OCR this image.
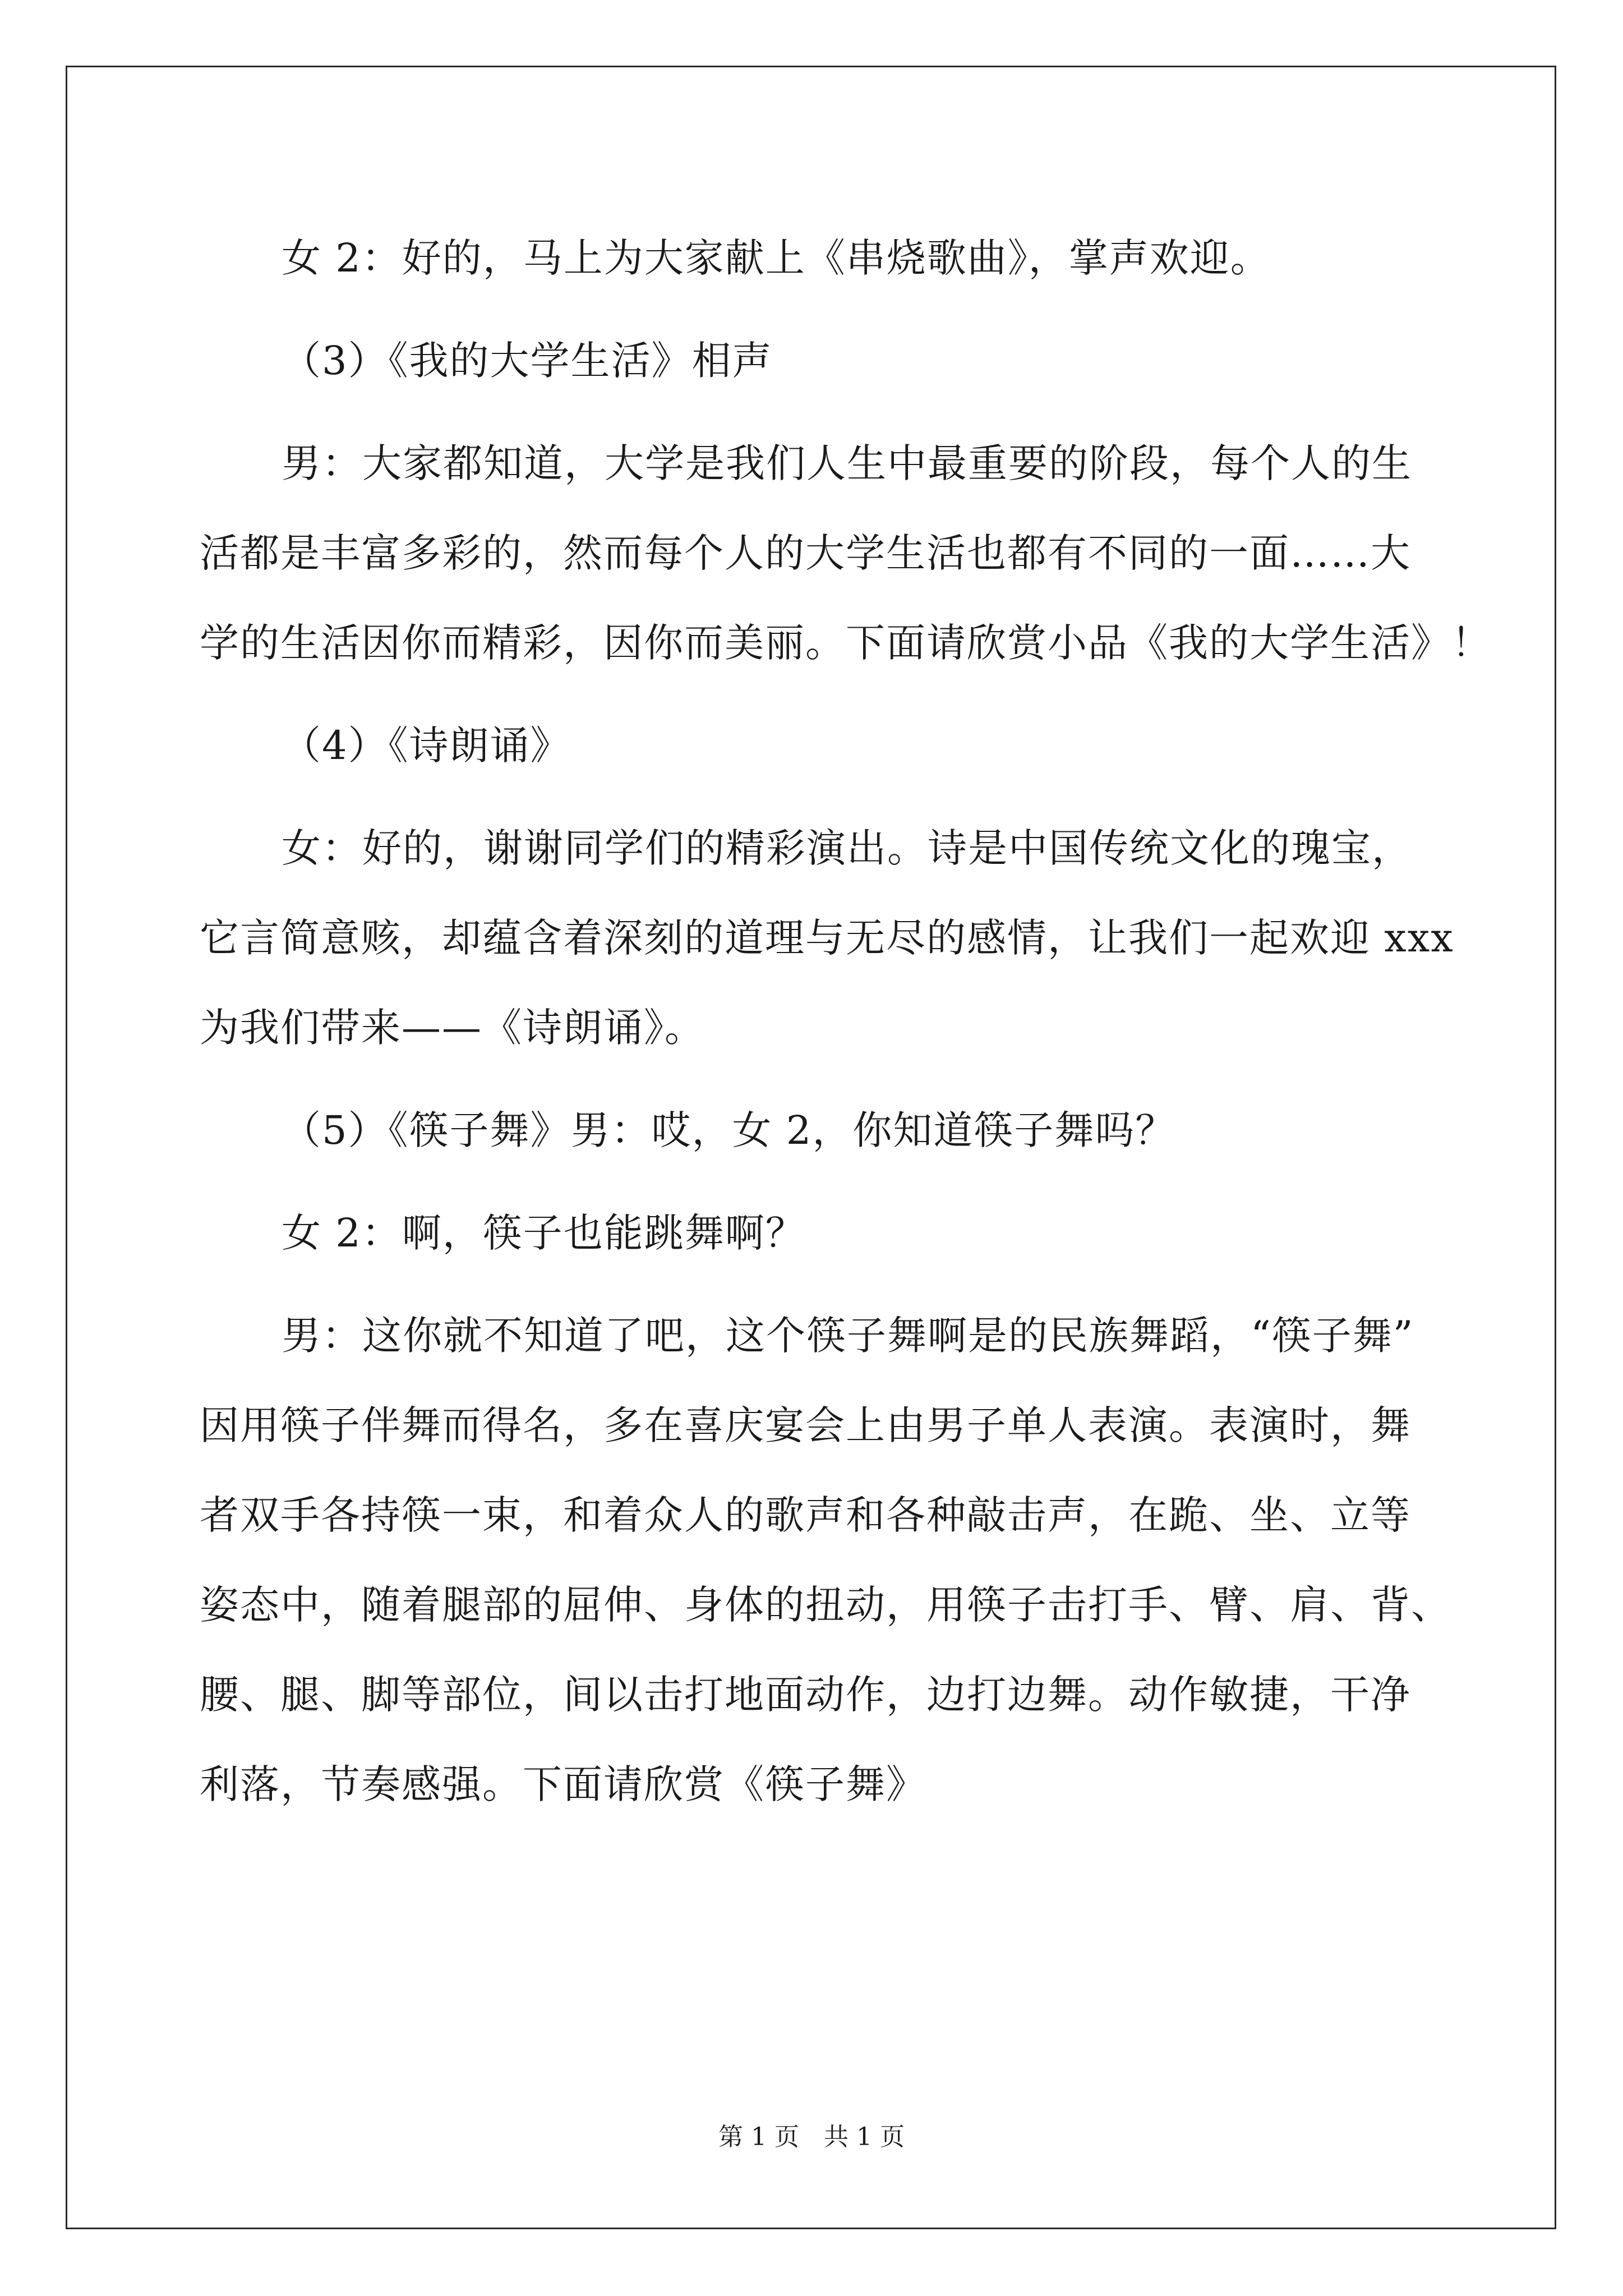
女 2：好的，马上为大家献上《串烧歌曲》，掌声欢迎。

（3）《我的大学生活》相声

男：大家都知道，大学是我们人生中最重要的阶段，每个人的生

活都是丰富多彩的，然而每个人的大学生活也都有不同的一面……大

学的生活因你而精彩，因你而美丽。下面请欣赏小品《我的大学生活》！

（4）《诗朗诵》

女：好的，谢谢同学们的精彩演出。诗是中国传统文化的瑰宝，

它言简意赅，却蕴含着深刻的道理与无尽的感情，让我们一起欢迎 xxx

为我们带来——《诗朗诵》。

（5）《筷子舞》男：哎，女 2，你知道筷子舞吗？

女 2：啊，筷子也能跳舞啊？

男：这你就不知道了吧，这个筷子舞啊是的民族舞蹈，“筷子舞”

因用筷子伴舞而得名，多在喜庆宴会上由男子单人表演。表演时，舞

者双手各持筷一束，和着众人的歌声和各种敲击声，在跪、坐、立等

姿态中，随着腿部的屈伸、身体的扭动，用筷子击打手、臂、肩、背、

腰、腿、脚等部位，间以击打地面动作，边打边舞。动作敏捷，干净

利落，节奏感强。下面请欣赏《筷子舞》

第 1 页　共 1 页
